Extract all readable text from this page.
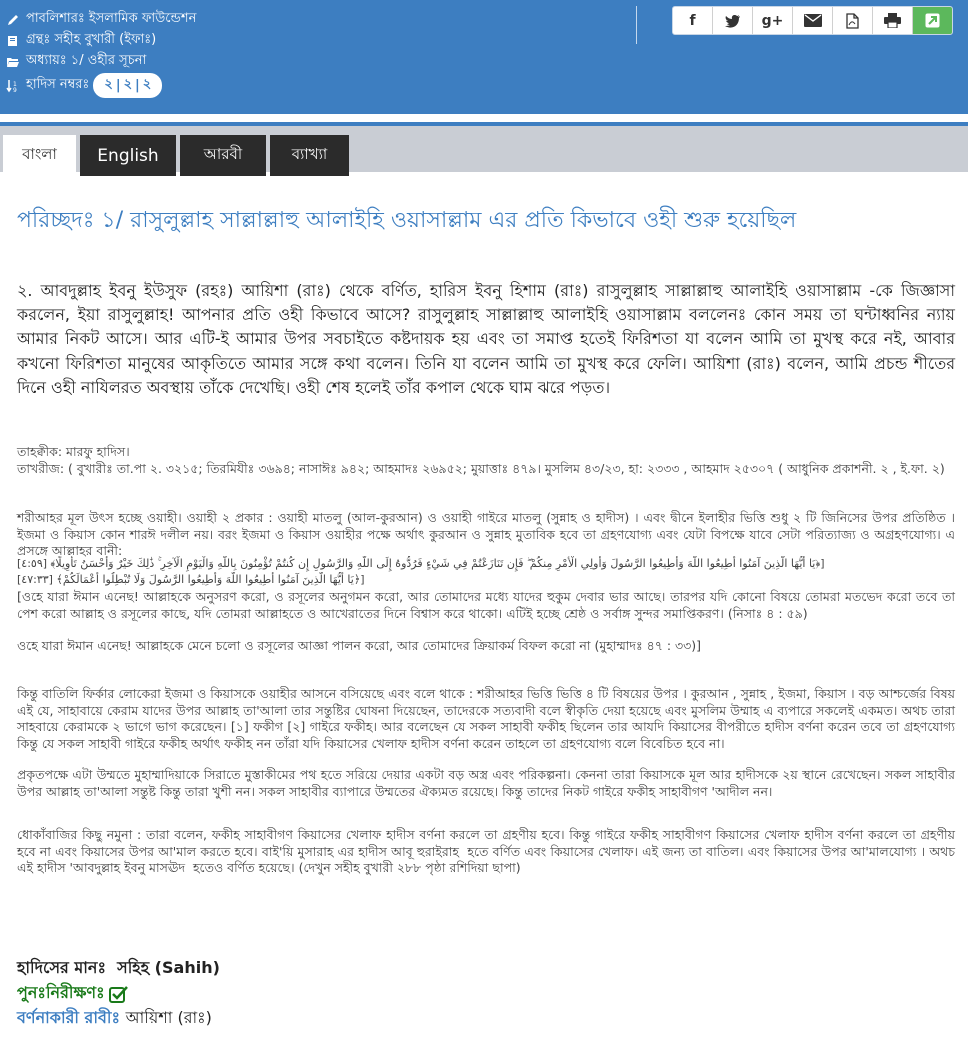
পাবলিশারঃ ইসলামিক ফাউন্ডেশন
গ্রন্থঃ সহীহ বুখারী (ইফাঃ)
অধ্যায়ঃ ১/ ওহীর সূচনা
1
9 হাদিস নম্বরঃ ২ | ২ | ২
f	g+
বাংলা	English	আরবী	ব্যাখ্যা
পরিচ্ছদঃ ১/ রাসুলুল্লাহ সাল্লাল্লাহু আলাইহি ওয়াসাল্লাম এর প্রতি কিভাবে ওহী শুরু হয়েছিল
২. আবদুল্লাহ ইবনু ইউসুফ (রহঃ) আয়িশা (রাঃ) থেকে বর্ণিত, হারিস ইবনু হিশাম (রাঃ) রাসুলুল্লাহ সাল্লাল্লাহু আলাইহি ওয়াসাল্লাম -কে জিজ্ঞাসা করলেন, ইয়া রাসুলুল্লাহ! আপনার প্রতি ওহী কিভাবে আসে? রাসুলুল্লাহ সাল্লাল্লাহু আলাইহি ওয়াসাল্লাম বললেনঃ কোন সময় তা ঘন্টাধ্বনির ন্যায় আমার নিকট আসে। আর এটি-ই আমার উপর সবচাইতে কষ্টদায়ক হয় এবং তা সমাপ্ত হতেই ফিরিশতা যা বলেন আমি তা মুখস্থ করে নই, আবার কখনো ফিরিশতা মানুষের আকৃতিতে আমার সঙ্গে কথা বলেন। তিনি যা বলেন আমি তা মুখস্থ করে ফেলি। আয়িশা (রাঃ) বলেন, আমি প্রচন্ড শীতের দিনে ওহী নাযিলরত অবস্থায় তাঁকে দেখেছি। ওহী শেষ হলেই তাঁর কপাল থেকে ঘাম ঝরে পড়ত।
তাহক্বীক: মারফু হাদিস।
তাখরীজ: ( বুখারীঃ তা.পা ২. ৩২১৫; তিরমিযীঃ ৩৬৯৪; নাসাঈঃ ৯৪২; আহমাদঃ ২৬৯৫২; মুয়াত্তাঃ ৪৭৯। মুসলিম ৪৩/২৩, হা: ২৩৩৩ , আহমাদ ২৫৩০৭ ( আধুনিক প্রকাশনী. ২ , ই.ফা. ২)
শরীআহর মূল উৎস হচ্ছে ওয়াহী। ওয়াহী ২ প্রকার : ওয়াহী মাতলু (আল-কুরআন) ও ওয়াহী গাইরে মাতলু (সুন্নাহ ও হাদীস) । এবং দ্বীনে ইলাহীর ভিত্তি শুধু ২ টি জিনিসের উপর প্রতিষ্ঠিত । ইজমা ও কিয়াস কোন শারঈ দলীল নয়। বরং ইজমা ও কিয়াস ওয়াহীর পক্ষে অর্থাৎ কুরআন ও সুন্নাহ মুতাবিক হবে তা গ্রহণযোগ্য এবং যেটা বিপক্ষে যাবে সেটা পরিত্যাজ্য ও অগ্রহণযোগ্য। এ প্রসঙ্গে আল্লাহর বানী:
[﴿يَا أَيُّهَا الَّذِينَ آمَنُوا أَطِيعُوا اللَّهَ وَأَطِيعُوا الرَّسُولَ وَأُولِي الْأَمْرِ مِنكُمْ ۖ فَإِن تَنَازَعْتُمْ فِي شَيْءٍ فَرُدُّوهُ إِلَى اللَّهِ وَالرَّسُولِ إِن كُنتُمْ تُؤْمِنُونَ بِاللَّهِ وَالْيَوْمِ الْآخِرِ ۚ ذَٰلِكَ خَيْرٌ وَأَحْسَنُ تَأْوِيلًا﴾ [٤:٥٩]
[﴿يَا أَيُّهَا الَّذِينَ آمَنُوا أَطِيعُوا اللَّهَ وَأَطِيعُوا الرَّسُولَ وَلَا تُبْطِلُوا أَعْمَالَكُمْ﴾ [٤٧:٣٣]
[ওহে যারা ঈমান এনেছ! আল্লাহকে অনুসরণ করো, ও রসূলের অনুগমন করো, আর তোমাদের মধ্যে যাদের হুকুম দেবার ভার আছে। তারপর যদি কোনো বিষয়ে তোমরা মতভেদ করো তবে তা পেশ করো আল্লাহ ও রসূলের কাছে, যদি তোমরা আল্লাহতে ও আখেরাতের দিনে বিশ্বাস করে থাকো। এটিই হচ্ছে শ্রেষ্ঠ ও সর্বাঙ্গ সুন্দর সমাপ্তিকরণ। (নিসাঃ ৪ : ৫৯)
ওহে যারা ঈমান এনেছ! আল্লাহকে মেনে চলো ও রসূলের আজ্ঞা পালন করো, আর তোমাদের ক্রিয়াকর্ম বিফল করো না (মুহাম্মাদঃ ৪৭ : ৩৩)]
কিন্তু বাতিলি ফির্কার লোকেরা ইজমা ও কিয়াসকে ওয়াহীর আসনে বসিয়েছে এবং বলে থাকে : শরীআহর ভিত্তি ভিত্তি ৪ টি বিষয়ের উপর । কুরআন , সুন্নাহ , ইজমা, কিয়াস । বড় আশ্চর্জের বিষয় এই যে, সাহাবায়ে কেরাম যাদের উপর আল্লাহ তা'আলা তার সন্তুষ্টির ঘোষনা দিয়েছেন, তাদেরকে সত্যবাদী বলে স্বীকৃতি দেয়া হয়েছে এবং মুসলিম উম্মাহ এ ব্যপারে সকলেই একমত। অথচ তারা সাহবায়ে কেরামকে ২ ভাগে ভাগ করেছেন। [১] ফকীগ [২] গাইরে ফকীহ। আর বলেছেন যে সকল সাহাবী ফকীহ ছিলেন তার আযদি কিয়াসের বীপরীতে হাদীস বর্ণনা করেন তবে তা গ্রহণযোগ্য কিন্তু যে সকল সাহাবী গাইরে ফকীহ অর্থাৎ ফকীহ নন তাঁরা যদি কিয়াসের খেলাফ হাদীস বর্ণনা করেন তাহলে তা গ্রহণযোগ্য বলে বিবেচিত হবে না।
প্রকৃতপক্ষে এটা উম্মতে মুহাম্মাদিয়াকে সিরাতে মুস্তাকীমের পথ হতে সরিয়ে দেয়ার একটা বড় অস্ত্র এবং পরিকল্পনা। কেননা তারা কিয়াসকে মূল আর হাদীসকে ২য় স্থানে রেখেছেন। সকল সাহাবীর উপর আল্লাহ তা'আলা সন্তুষ্ট কিন্তু তারা খুশী নন। সকল সাহাবীর ব্যাপারে উম্মতের ঐক্যমত রয়েছে। কিন্তু তাদের নিকট গাইরে ফকীহ সাহাবীগণ 'আদীল নন।
ধোকাঁবাজির কিছু নমুনা : তারা বলেন, ফকীহ সাহাবীগণ কিয়াসের খেলাফ হাদীস বর্ণনা করলে তা গ্রহণীয় হবে। কিন্তু গাইরে ফকীহ সাহাবীগণ কিয়াসের খেলাফ হাদীস বর্ণনা করলে তা গ্রহণীয় হবে না এবং কিয়াসের উপর আ'মাল করতে হবে। বাই'য়ি মুসারাহ এর হাদীস আবূ হুরাইরাহ ‎ হতে বর্ণিত এবং কিয়াসের খেলাফ। এই জন্য তা বাতিল। এবং কিয়াসের উপর আ'মালযোগ্য । অথচ এই হাদীস 'আবদুল্লাহ ইবনু মাসঊদ ‎ হতেও বর্ণিত হয়েছে। (দেখুন সহীহ বুখারী ২৮৮ পৃষ্ঠা রশিদিয়া ছাপা)
হাদিসের মানঃ সহিহ (Sahih)
পুনঃনিরীক্ষণঃ
বর্ণনাকারী রাবীঃ আয়িশা (রাঃ)
